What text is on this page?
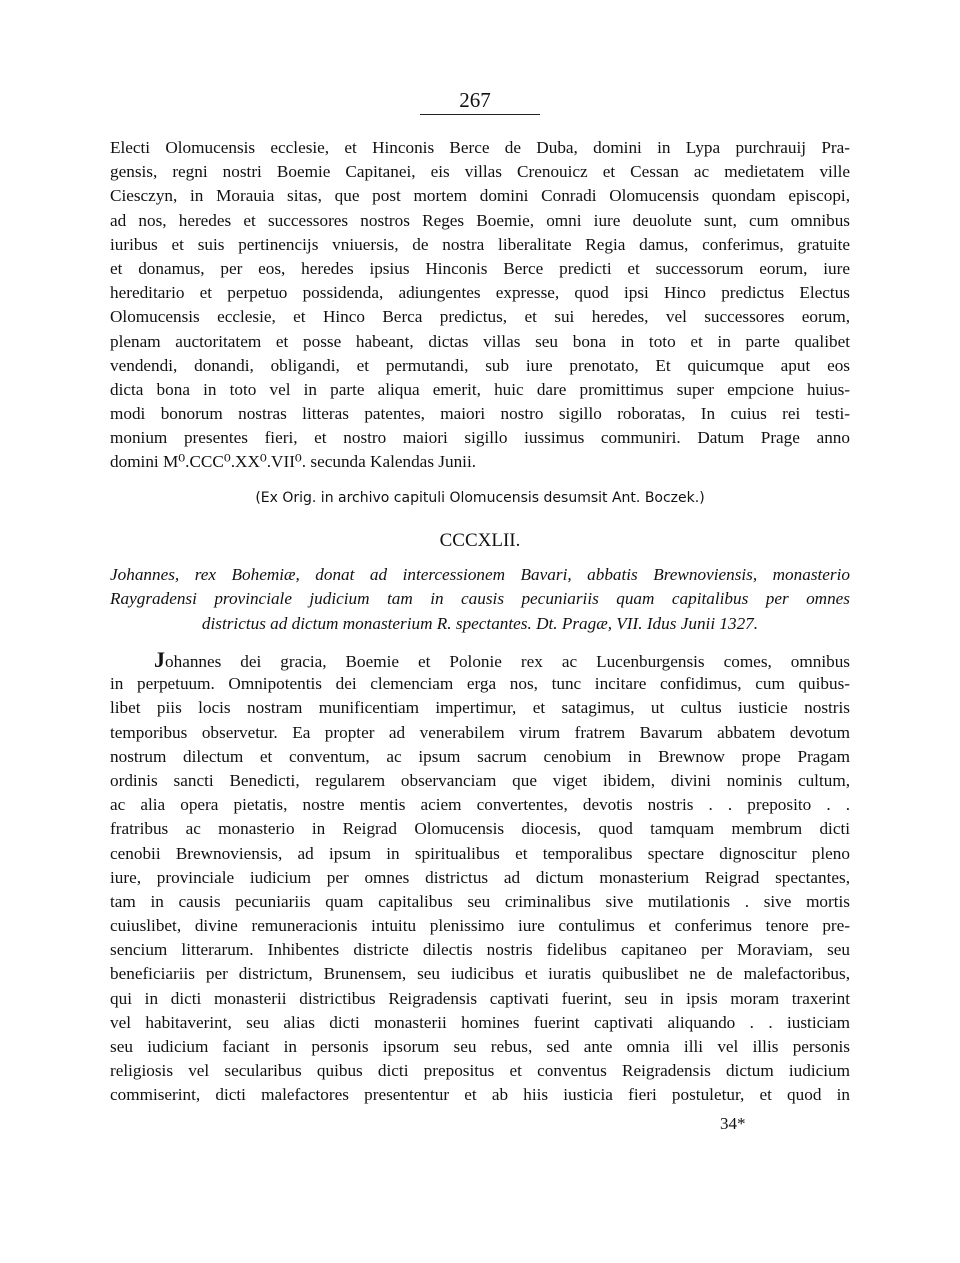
267
Electi Olomucensis ecclesie, et Hinconis Berce de Duba, domini in Lypa purchrauij Pra-
gensis, regni nostri Boemie Capitanei, eis villas Crenouicz et Cessan ac medietatem ville
Ciesczyn, in Morauia sitas, que post mortem domini Conradi Olomucensis quondam episcopi,
ad nos, heredes et successores nostros Reges Boemie, omni iure deuolute sunt, cum omnibus
iuribus et suis pertinencijs vniuersis, de nostra liberalitate Regia damus, conferimus, gratuite
et donamus, per eos, heredes ipsius Hinconis Berce predicti et successorum eorum, iure
hereditario et perpetuo possidenda, adiungentes expresse, quod ipsi Hinco predictus Electus
Olomucensis ecclesie, et Hinco Berca predictus, et sui heredes, vel successores eorum,
plenam auctoritatem et posse habeant, dictas villas seu bona in toto et in parte qualibet
vendendi, donandi, obligandi, et permutandi, sub iure prenotato, Et quicumque aput eos
dicta bona in toto vel in parte aliqua emerit, huic dare promittimus super empcione huius-
modi bonorum nostras litteras patentes, maiori nostro sigillo roboratas, In cuius rei testi-
monium presentes fieri, et nostro maiori sigillo iussimus communiri. Datum Prage anno
domini M⁰.CCC⁰.XX⁰.VII⁰. secunda Kalendas Junii.
(Ex Orig. in archivo capituli Olomucensis desumsit Ant. Boczek.)
CCCXLII.
Johannes, rex Bohemiæ, donat ad intercessionem Bavari, abbatis Brewnoviensis, monasterio
Raygradensi provinciale judicium tam in causis pecuniariis quam capitalibus per omnes
districtus ad dictum monasterium R. spectantes. Dt. Pragæ, VII. Idus Junii 1327.
Johannes dei gracia, Boemie et Polonie rex ac Lucenburgensis comes, omnibus
in perpetuum. Omnipotentis dei clemenciam erga nos, tunc incitare confidimus, cum quibus-
libet piis locis nostram munificentiam impertimur, et satagimus, ut cultus iusticie nostris
temporibus observetur. Ea propter ad venerabilem virum fratrem Bavarum abbatem devotum
nostrum dilectum et conventum, ac ipsum sacrum cenobium in Brewnow prope Pragam
ordinis sancti Benedicti, regularem observanciam que viget ibidem, divini nominis cultum,
ac alia opera pietatis, nostre mentis aciem convertentes, devotis nostris . . preposito . .
fratribus ac monasterio in Reigrad Olomucensis diocesis, quod tamquam membrum dicti
cenobii Brewnoviensis, ad ipsum in spiritualibus et temporalibus spectare dignoscitur pleno
iure, provinciale iudicium per omnes districtus ad dictum monasterium Reigrad spectantes,
tam in causis pecuniariis quam capitalibus seu criminalibus sive mutilationis . sive mortis
cuiuslibet, divine remuneracionis intuitu plenissimo iure contulimus et conferimus tenore pre-
sencium litterarum. Inhibentes districte dilectis nostris fidelibus capitaneo per Moraviam, seu
beneficiariis per districtum, Brunensem, seu iudicibus et iuratis quibuslibet ne de malefactoribus,
qui in dicti monasterii districtibus Reigradensis captivati fuerint, seu in ipsis moram traxerint
vel habitaverint, seu alias dicti monasterii homines fuerint captivati aliquando . . iusticiam
seu iudicium faciant in personis ipsorum seu rebus, sed ante omnia illi vel illis personis
religiosis vel secularibus quibus dicti prepositus et conventus Reigradensis dictum iudicium
commiserint, dicti malefactores presententur et ab hiis iusticia fieri postuletur, et quod in
34*
